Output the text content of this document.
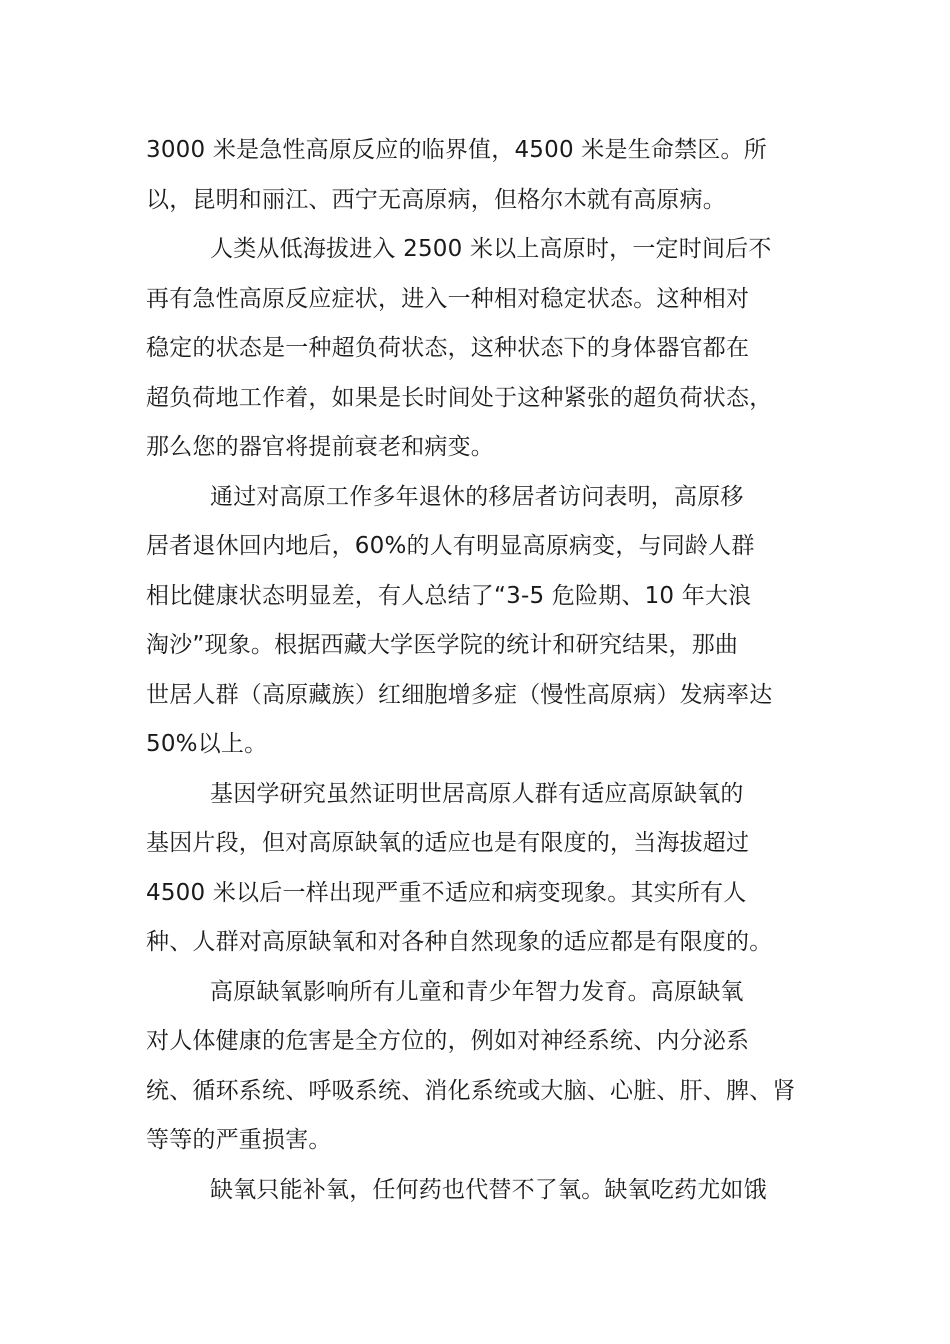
3000 米是急性高原反应的临界值，4500 米是生命禁区。所
以，昆明和丽江、西宁无高原病，但格尔木就有高原病。
人类从低海拔进入 2500 米以上高原时，一定时间后不
再有急性高原反应症状，进入一种相对稳定状态。这种相对
稳定的状态是一种超负荷状态，这种状态下的身体器官都在
超负荷地工作着，如果是长时间处于这种紧张的超负荷状态，
那么您的器官将提前衰老和病变。
通过对高原工作多年退休的移居者访问表明，高原移
居者退休回内地后，60%的人有明显高原病变，与同龄人群
相比健康状态明显差，有人总结了“3-5 危险期、10 年大浪
淘沙”现象。根据西藏大学医学院的统计和研究结果，那曲
世居人群（高原藏族）红细胞增多症（慢性高原病）发病率达
50%以上。
基因学研究虽然证明世居高原人群有适应高原缺氧的
基因片段，但对高原缺氧的适应也是有限度的，当海拔超过
4500 米以后一样出现严重不适应和病变现象。其实所有人
种、人群对高原缺氧和对各种自然现象的适应都是有限度的。
高原缺氧影响所有儿童和青少年智力发育。高原缺氧
对人体健康的危害是全方位的，例如对神经系统、内分泌系
统、循环系统、呼吸系统、消化系统或大脑、心脏、肝、脾、肾
等等的严重损害。
缺氧只能补氧，任何药也代替不了氧。缺氧吃药尤如饿
